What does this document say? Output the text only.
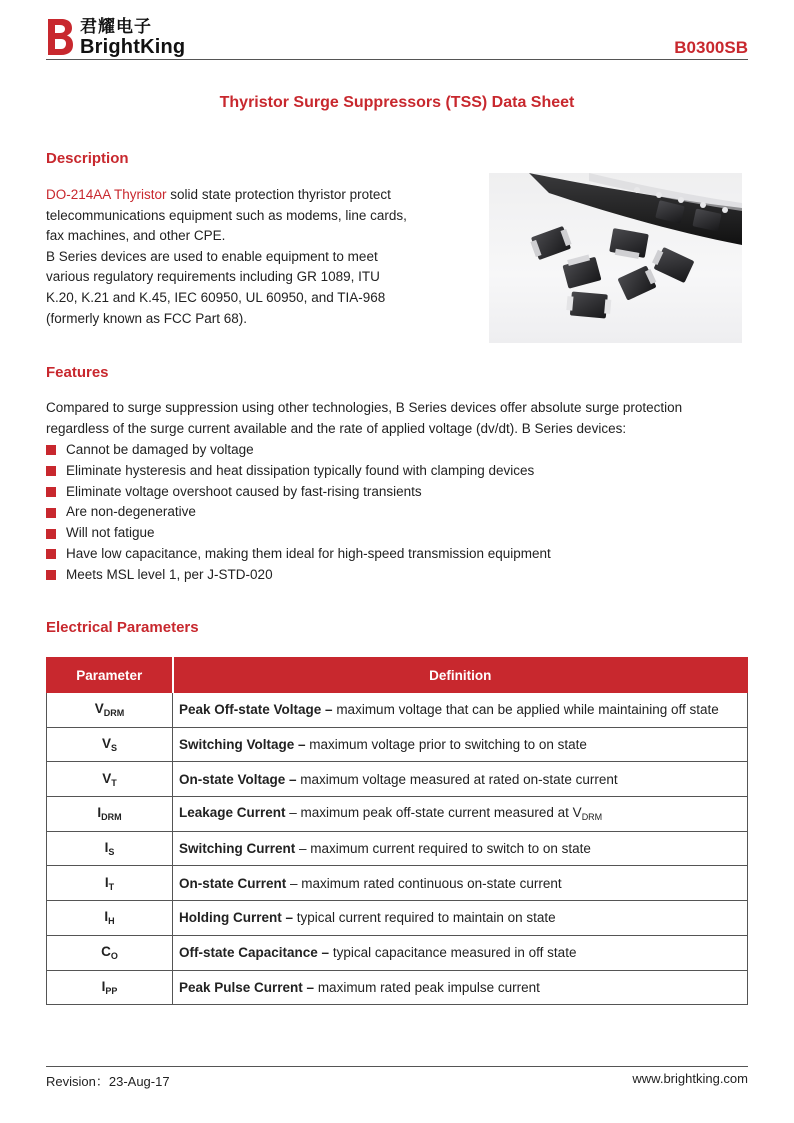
君耀电子
BrightKing	B0300SB
Thyristor Surge Suppressors (TSS) Data Sheet
Description
DO-214AA Thyristor solid state protection thyristor protect
telecommunications equipment such as modems, line cards,
fax machines, and other CPE.
B Series devices are used to enable equipment to meet
various regulatory requirements including GR 1089, ITU
K.20, K.21 and K.45, IEC 60950, UL 60950, and TIA-968
(formerly known as FCC Part 68).
Features
Compared to surge suppression using other technologies, B Series devices offer absolute surge protection
regardless of the surge current available and the rate of applied voltage (dv/dt). B Series devices:
Cannot be damaged by voltage
Eliminate hysteresis and heat dissipation typically found with clamping devices
Eliminate voltage overshoot caused by fast-rising transients
Are non-degenerative
Will not fatigue
Have low capacitance, making them ideal for high-speed transmission equipment
Meets MSL level 1, per J-STD-020
Electrical Parameters
Parameter	Definition
$V_{DRM}$	Peak Off-state Voltage – maximum voltage that can be applied while maintaining off state
$V_S$	Switching Voltage – maximum voltage prior to switching to on state
$V_T$	On-state Voltage – maximum voltage measured at rated on-state current
$I_{DRM}$	Leakage Current – maximum peak off-state current measured at $V_{DRM}$
$I_S$	Switching Current – maximum current required to switch to on state
$I_T$	On-state Current – maximum rated continuous on-state current
$I_H$	Holding Current – typical current required to maintain on state
$C_O$	Off-state Capacitance – typical capacitance measured in off state
$I_{PP}$	Peak Pulse Current – maximum rated peak impulse current
Revision：23-Aug-17	www.brightking.com
